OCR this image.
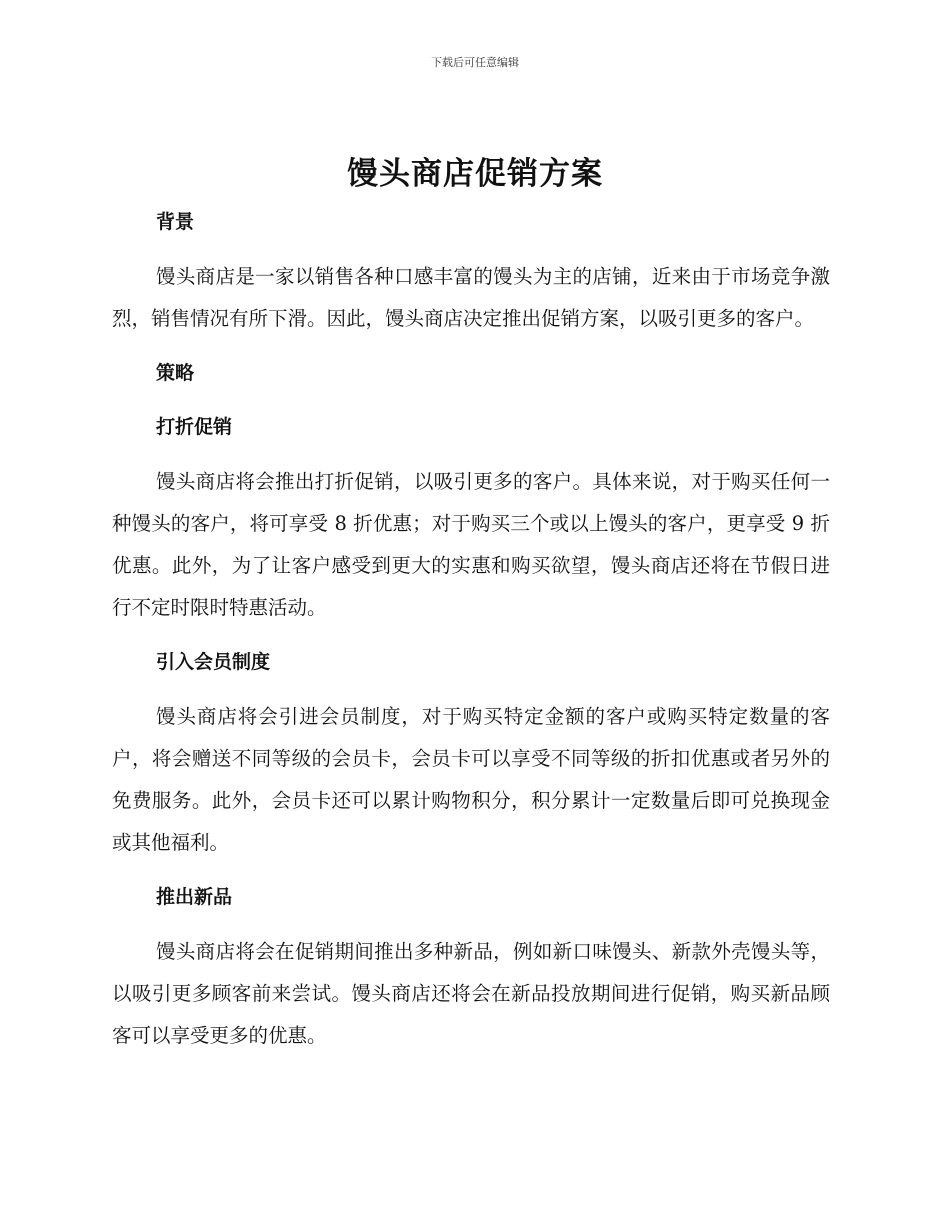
下载后可任意编辑
馒头商店促销方案
背景

馒头商店是一家以销售各种口感丰富的馒头为主的店铺，近来由于市场竞争激烈，销售情况有所下滑。因此，馒头商店决定推出促销方案，以吸引更多的客户。

策略
打折促销

馒头商店将会推出打折促销，以吸引更多的客户。具体来说，对于购买任何一种馒头的客户，将可享受 8 折优惠；对于购买三个或以上馒头的客户，更享受 9 折优惠。此外，为了让客户感受到更大的实惠和购买欲望，馒头商店还将在节假日进行不定时限时特惠活动。

引入会员制度

馒头商店将会引进会员制度，对于购买特定金额的客户或购买特定数量的客户，将会赠送不同等级的会员卡，会员卡可以享受不同等级的折扣优惠或者另外的免费服务。此外，会员卡还可以累计购物积分，积分累计一定数量后即可兑换现金或其他福利。

推出新品

馒头商店将会在促销期间推出多种新品，例如新口味馒头、新款外壳馒头等，以吸引更多顾客前来尝试。馒头商店还将会在新品投放期间进行促销，购买新品顾客可以享受更多的优惠。
